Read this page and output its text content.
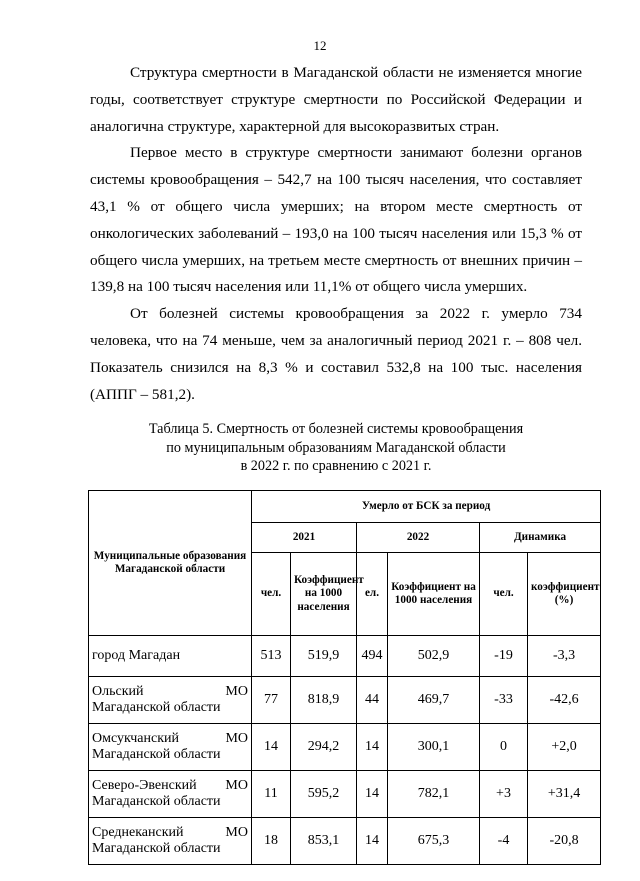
12

Структура смертности в Магаданской области не изменяется многие годы, соответствует структуре смертности по Российской Федерации и аналогична структуре, характерной для высокоразвитых стран.

Первое место в структуре смертности занимают болезни органов системы кровообращения – 542,7 на 100 тысяч населения, что составляет 43,1 % от общего числа умерших; на втором месте смертность от онкологических заболеваний – 193,0 на 100 тысяч населения или 15,3 % от общего числа умерших, на третьем месте смертность от внешних причин – 139,8 на 100 тысяч населения или 11,1% от общего числа умерших.

От болезней системы кровообращения за 2022 г. умерло 734 человека, что на 74 меньше, чем за аналогичный период 2021 г. – 808 чел. Показатель снизился на 8,3 % и составил 532,8 на 100 тыс. населения (АППГ – 581,2).

Таблица 5. Смертность от болезней системы кровообращения
по муниципальным образованиям Магаданской области
в 2022 г. по сравнению с 2021 г.
Муниципальные образования Магаданской области	Умерло от БСК за период					
	2021		2022		Динамика	
	чел.	Коэффициент на 1000 населения	ел.	Коэффициент на 1000 населения	чел.	коэффициент (%)
город Магадан	513	519,9	494	502,9	-19	-3,3

Ольский МО
Магаданской области	77	818,9	44	469,7	-33	-42,6

Омсукчанский МО
Магаданской области	14	294,2	14	300,1	0	+2,0

Северо-Эвенский МО
Магаданской области	11	595,2	14	782,1	+3	+31,4

Среднеканский МО
Магаданской области	18	853,1	14	675,3	-4	-20,8
